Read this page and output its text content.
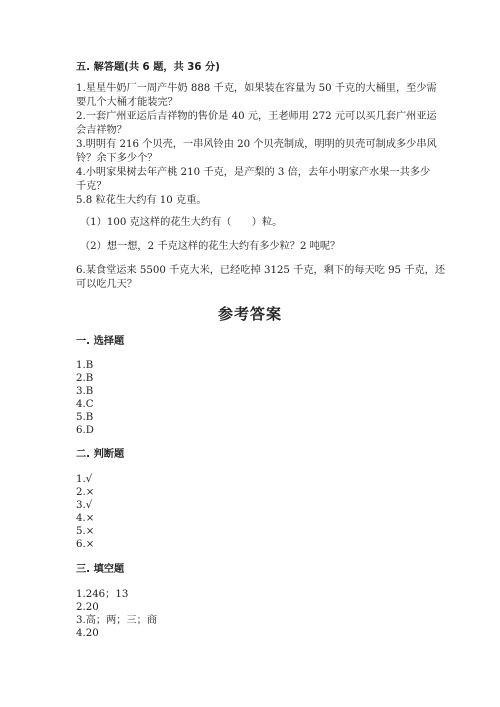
五. 解答题(共 6 题，共 36 分)
1.星星牛奶厂一周产牛奶 888 千克，如果装在容量为 50 千克的大桶里，至少需
要几个大桶才能装完？
2.一套广州亚运后吉祥物的售价是 40 元，王老师用 272 元可以买几套广州亚运
会吉祥物？
3.明明有 216 个贝壳，一串风铃由 20 个贝壳制成，明明的贝壳可制成多少串风
铃？余下多少个？
4.小明家果树去年产桃 210 千克，是产梨的 3 倍，去年小明家产水果一共多少
千克？
5.8 粒花生大约有 10 克重。
（1）100 克这样的花生大约有（　　）粒。
（2）想一想，2 千克这样的花生大约有多少粒？2 吨呢？
6.某食堂运来 5500 千克大米，已经吃掉 3125 千克，剩下的每天吃 95 千克，还
可以吃几天？
参考答案
一. 选择题
1.B
2.B
3.B
4.C
5.B
6.D
二. 判断题
1.√
2.×
3.√
4.×
5.×
6.×
三. 填空题
1.246；13
2.20
3.高；两；三；商
4.20
